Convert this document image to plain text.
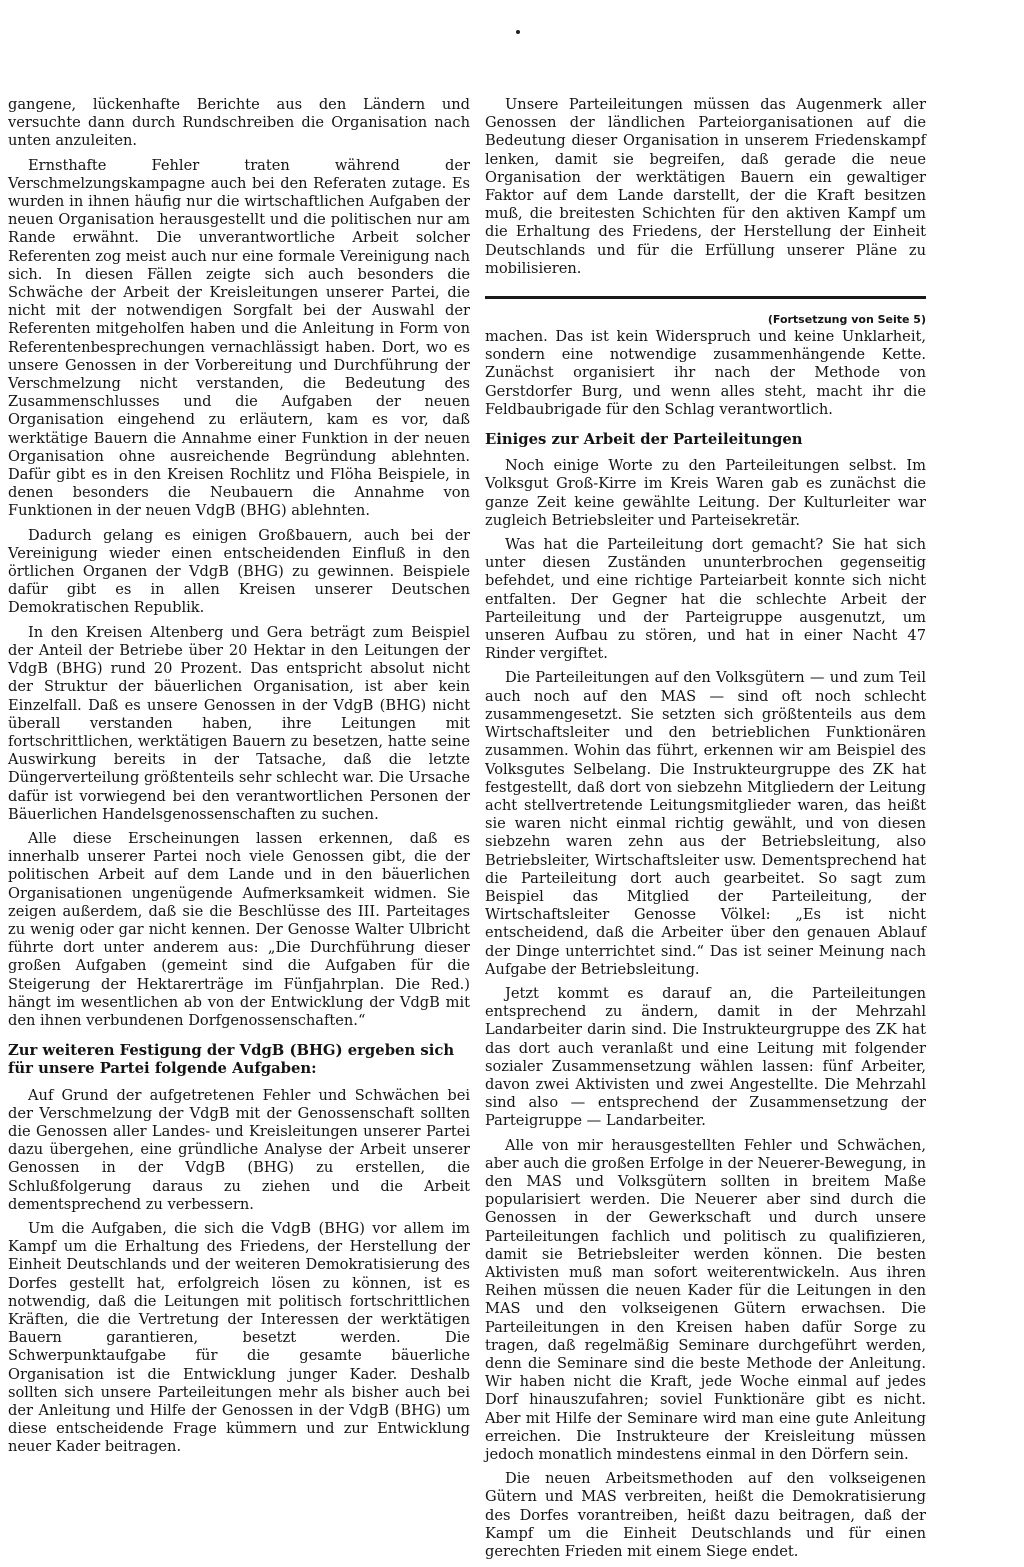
gangene, lückenhafte Berichte aus den Ländern und versuchte dann durch Rundschreiben die Organisation nach unten anzuleiten.

Ernsthafte Fehler traten während der Verschmelzungskampagne auch bei den Referaten zutage. Es wurden in ihnen häufig nur die wirtschaftlichen Aufgaben der neuen Organisation herausgestellt und die politischen nur am Rande erwähnt. Die unverantwortliche Arbeit solcher Referenten zog meist auch nur eine formale Vereinigung nach sich. In diesen Fällen zeigte sich auch besonders die Schwäche der Arbeit der Kreisleitungen unserer Partei, die nicht mit der notwendigen Sorgfalt bei der Auswahl der Referenten mitgeholfen haben und die Anleitung in Form von Referentenbesprechungen vernachlässigt haben. Dort, wo es unsere Genossen in der Vorbereitung und Durchführung der Verschmelzung nicht verstanden, die Bedeutung des Zusammenschlusses und die Aufgaben der neuen Organisation eingehend zu erläutern, kam es vor, daß werktätige Bauern die Annahme einer Funktion in der neuen Organisation ohne ausreichende Begründung ablehnten. Dafür gibt es in den Kreisen Rochlitz und Flöha Beispiele, in denen besonders die Neubauern die Annahme von Funktionen in der neuen VdgB (BHG) ablehnten.

Dadurch gelang es einigen Großbauern, auch bei der Vereinigung wieder einen entscheidenden Einfluß in den örtlichen Organen der VdgB (BHG) zu gewinnen. Beispiele dafür gibt es in allen Kreisen unserer Deutschen Demokratischen Republik.

In den Kreisen Altenberg und Gera beträgt zum Beispiel der Anteil der Betriebe über 20 Hektar in den Leitungen der VdgB (BHG) rund 20 Prozent. Das entspricht absolut nicht der Struktur der bäuerlichen Organisation, ist aber kein Einzelfall. Daß es unsere Genossen in der VdgB (BHG) nicht überall verstanden haben, ihre Leitungen mit fortschrittlichen, werktätigen Bauern zu besetzen, hatte seine Auswirkung bereits in der Tatsache, daß die letzte Düngerverteilung größtenteils sehr schlecht war. Die Ursache dafür ist vorwiegend bei den verantwortlichen Personen der Bäuerlichen Handelsgenossenschaften zu suchen.

Alle diese Erscheinungen lassen erkennen, daß es innerhalb unserer Partei noch viele Genossen gibt, die der politischen Arbeit auf dem Lande und in den bäuerlichen Organisationen ungenügende Aufmerksamkeit widmen. Sie zeigen außerdem, daß sie die Beschlüsse des III. Parteitages zu wenig oder gar nicht kennen. Der Genosse Walter Ulbricht führte dort unter anderem aus: „Die Durchführung dieser großen Aufgaben (gemeint sind die Aufgaben für die Steigerung der Hektarerträge im Fünfjahrplan. Die Red.) hängt im wesentlichen ab von der Entwicklung der VdgB mit den ihnen verbundenen Dorfgenossenschaften.“

Zur weiteren Festigung der VdgB (BHG) ergeben sich für unsere Partei folgende Aufgaben:

Auf Grund der aufgetretenen Fehler und Schwächen bei der Verschmelzung der VdgB mit der Genossenschaft sollten die Genossen aller Landes- und Kreisleitungen unserer Partei dazu übergehen, eine gründliche Analyse der Arbeit unserer Genossen in der VdgB (BHG) zu erstellen, die Schlußfolgerung daraus zu ziehen und die Arbeit dementsprechend zu verbessern.

Um die Aufgaben, die sich die VdgB (BHG) vor allem im Kampf um die Erhaltung des Friedens, der Herstellung der Einheit Deutschlands und der weiteren Demokratisierung des Dorfes gestellt hat, erfolgreich lösen zu können, ist es notwendig, daß die Leitungen mit politisch fortschrittlichen Kräften, die die Vertretung der Interessen der werktätigen Bauern garantieren, besetzt werden. Die Schwerpunktaufgabe für die gesamte bäuerliche Organisation ist die Entwicklung junger Kader. Deshalb sollten sich unsere Parteileitungen mehr als bisher auch bei der Anleitung und Hilfe der Genossen in der VdgB (BHG) um diese entscheidende Frage kümmern und zur Entwicklung neuer Kader beitragen.

Unsere Parteileitungen müssen das Augenmerk aller Genossen der ländlichen Parteiorganisationen auf die Bedeutung dieser Organisation in unserem Friedenskampf lenken, damit sie begreifen, daß gerade die neue Organisation der werktätigen Bauern ein gewaltiger Faktor auf dem Lande darstellt, der die Kraft besitzen muß, die breitesten Schichten für den aktiven Kampf um die Erhaltung des Friedens, der Herstellung der Einheit Deutschlands und für die Erfüllung unserer Pläne zu mobilisieren.

(Fortsetzung von Seite 5)

machen. Das ist kein Widerspruch und keine Unklarheit, sondern eine notwendige zusammenhängende Kette. Zunächst organisiert ihr nach der Methode von Gerstdorfer Burg, und wenn alles steht, macht ihr die Feldbaubrigade für den Schlag verantwortlich.

Einiges zur Arbeit der Parteileitungen

Noch einige Worte zu den Parteileitungen selbst. Im Volksgut Groß-Kirre im Kreis Waren gab es zunächst die ganze Zeit keine gewählte Leitung. Der Kulturleiter war zugleich Betriebsleiter und Parteisekretär.

Was hat die Parteileitung dort gemacht? Sie hat sich unter diesen Zuständen ununterbrochen gegenseitig befehdet, und eine richtige Parteiarbeit konnte sich nicht entfalten. Der Gegner hat die schlechte Arbeit der Parteileitung und der Parteigruppe ausgenutzt, um unseren Aufbau zu stören, und hat in einer Nacht 47 Rinder vergiftet.

Die Parteileitungen auf den Volksgütern — und zum Teil auch noch auf den MAS — sind oft noch schlecht zusammengesetzt. Sie setzten sich größtenteils aus dem Wirtschaftsleiter und den betrieblichen Funktionären zusammen. Wohin das führt, erkennen wir am Beispiel des Volksgutes Selbelang. Die Instrukteurgruppe des ZK hat festgestellt, daß dort von siebzehn Mitgliedern der Leitung acht stellvertretende Leitungsmitglieder waren, das heißt sie waren nicht einmal richtig gewählt, und von diesen siebzehn waren zehn aus der Betriebsleitung, also Betriebsleiter, Wirtschaftsleiter usw. Dementsprechend hat die Parteileitung dort auch gearbeitet. So sagt zum Beispiel das Mitglied der Parteileitung, der Wirtschaftsleiter Genosse Völkel: „Es ist nicht entscheidend, daß die Arbeiter über den genauen Ablauf der Dinge unterrichtet sind.“ Das ist seiner Meinung nach Aufgabe der Betriebsleitung.

Jetzt kommt es darauf an, die Parteileitungen entsprechend zu ändern, damit in der Mehrzahl Landarbeiter darin sind. Die Instrukteurgruppe des ZK hat das dort auch veranlaßt und eine Leitung mit folgender sozialer Zusammensetzung wählen lassen: fünf Arbeiter, davon zwei Aktivisten und zwei Angestellte. Die Mehrzahl sind also — entsprechend der Zusammensetzung der Parteigruppe — Landarbeiter.

Alle von mir herausgestellten Fehler und Schwächen, aber auch die großen Erfolge in der Neuerer-Bewegung, in den MAS und Volksgütern sollten in breitem Maße popularisiert werden. Die Neuerer aber sind durch die Genossen in der Gewerkschaft und durch unsere Parteileitungen fachlich und politisch zu qualifizieren, damit sie Betriebsleiter werden können. Die besten Aktivisten muß man sofort weiterentwickeln. Aus ihren Reihen müssen die neuen Kader für die Leitungen in den MAS und den volkseigenen Gütern erwachsen. Die Parteileitungen in den Kreisen haben dafür Sorge zu tragen, daß regelmäßig Seminare durchgeführt werden, denn die Seminare sind die beste Methode der Anleitung. Wir haben nicht die Kraft, jede Woche einmal auf jedes Dorf hinauszufahren; soviel Funktionäre gibt es nicht. Aber mit Hilfe der Seminare wird man eine gute Anleitung erreichen. Die Instrukteure der Kreisleitung müssen jedoch monatlich mindestens einmal in den Dörfern sein.

Die neuen Arbeitsmethoden auf den volkseigenen Gütern und MAS verbreiten, heißt die Demokratisierung des Dorfes vorantreiben, heißt dazu beitragen, daß der Kampf um die Einheit Deutschlands und für einen gerechten Frieden mit einem Siege endet.
